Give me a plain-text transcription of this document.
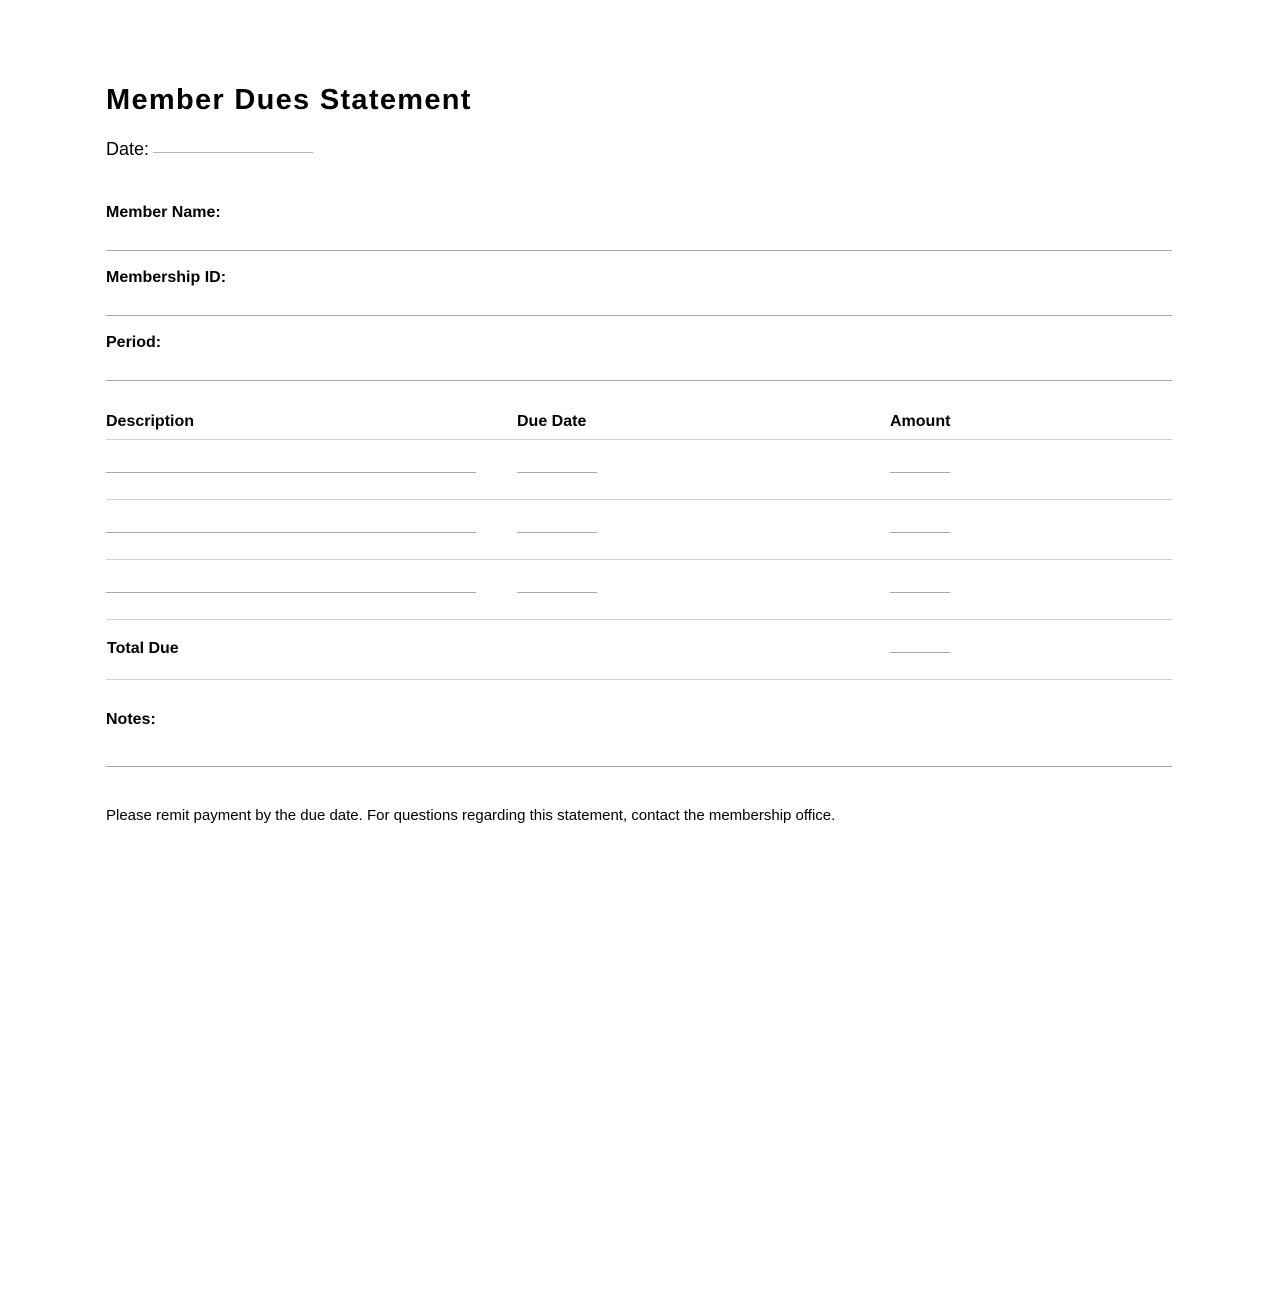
Member Dues Statement
Date:
Member Name:
Membership ID:
Period:
Description	Due Date	Amount
Total Due
Notes:
Please remit payment by the due date. For questions regarding this statement, contact the membership office.
